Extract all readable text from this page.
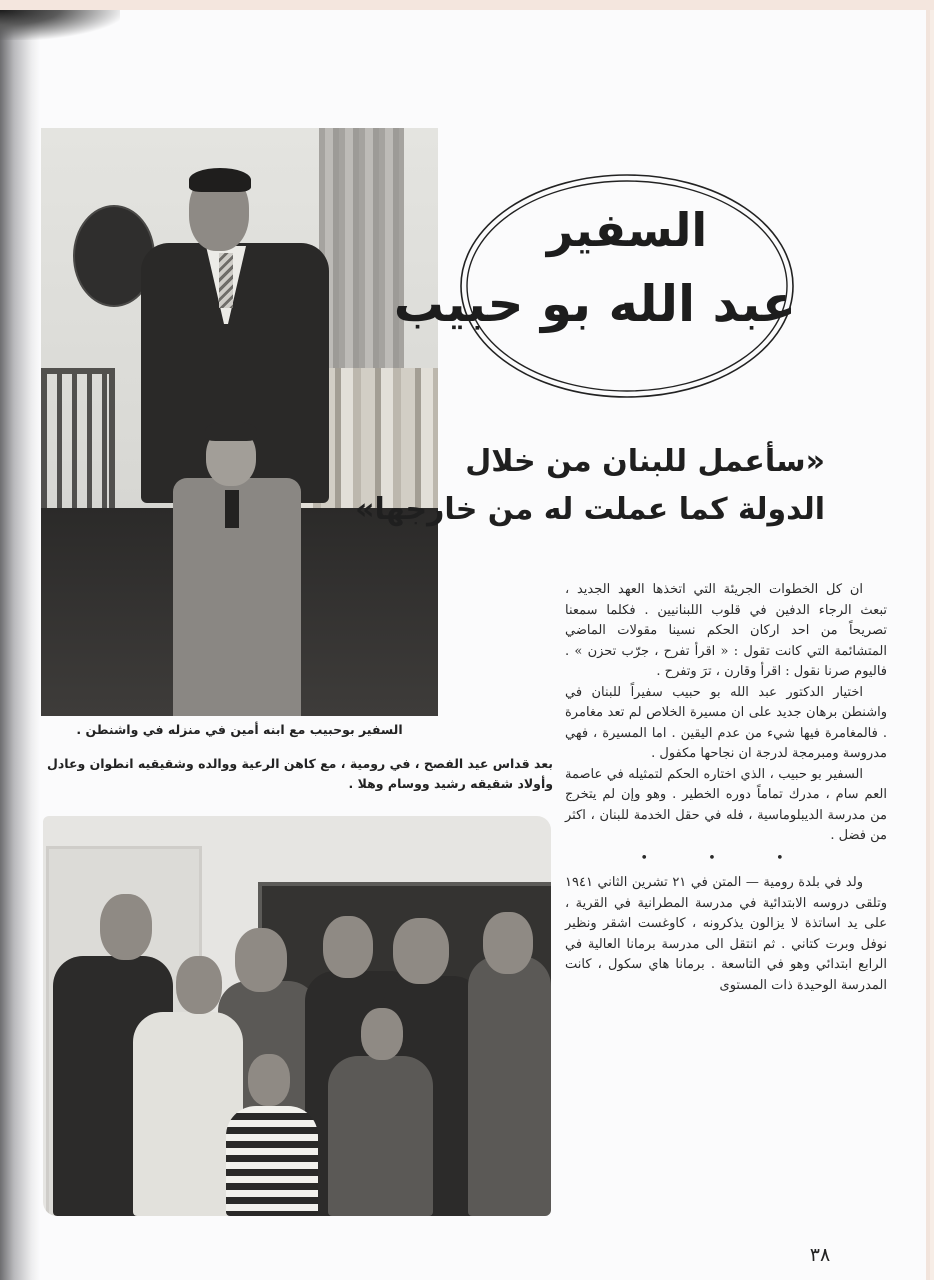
السفير بوحبيب مع ابنه أمين في منزله في واشنطن .
بعد قداس عيد الفصح ، في رومية ، مع كاهن الرعية ووالده وشقيقيه انطوان وعادل وأولاد شقيقه رشيد ووسام وهلا .
السفير
عبد الله بو حبيب
«سأعمل للبنان من خلال
الدولة كما عملت له من خارجها»

ان كل الخطوات الجريئة التي اتخذها العهد الجديد ، تبعث الرجاء الدفين في قلوب اللبنانيين . فكلما سمعنا تصريحاً من احد اركان الحكم نسينا مقولات الماضي المتشائمة التي كانت تقول : « اقرأ تفرح ، جرّب تحزن » . فاليوم صرنا نقول : اقرأ وقارن ، ترَ وتفرح .

اختيار الدكتور عبد الله بو حبيب سفيراً للبنان في واشنطن برهان جديد على ان مسيرة الخلاص لم تعد مغامرة . فالمغامرة فيها شيء من عدم اليقين . اما المسيرة ، فهي مدروسة ومبرمجة لدرجة ان نجاحها مكفول .

السفير بو حبيب ، الذي اختاره الحكم لتمثيله في عاصمة العم سام ، مدرك تماماً دوره الخطير . وهو وإن لم يتخرج من مدرسة الديبلوماسية ، فله في حقل الخدمة للبنان ، اكثر من فضل .

• • •

ولد في بلدة رومية — المتن في ٢١ تشرين الثاني ١٩٤١ وتلقى دروسه الابتدائية في مدرسة المطرانية في القرية ، على يد اساتذة لا يزالون يذكرونه ، كاوغست اشقر ونظير نوفل وبرت كتاني . ثم انتقل الى مدرسة برمانا العالية في الرابع ابتدائي وهو في التاسعة . برمانا هاي سكول ، كانت المدرسة الوحيدة ذات المستوى

٣٨
